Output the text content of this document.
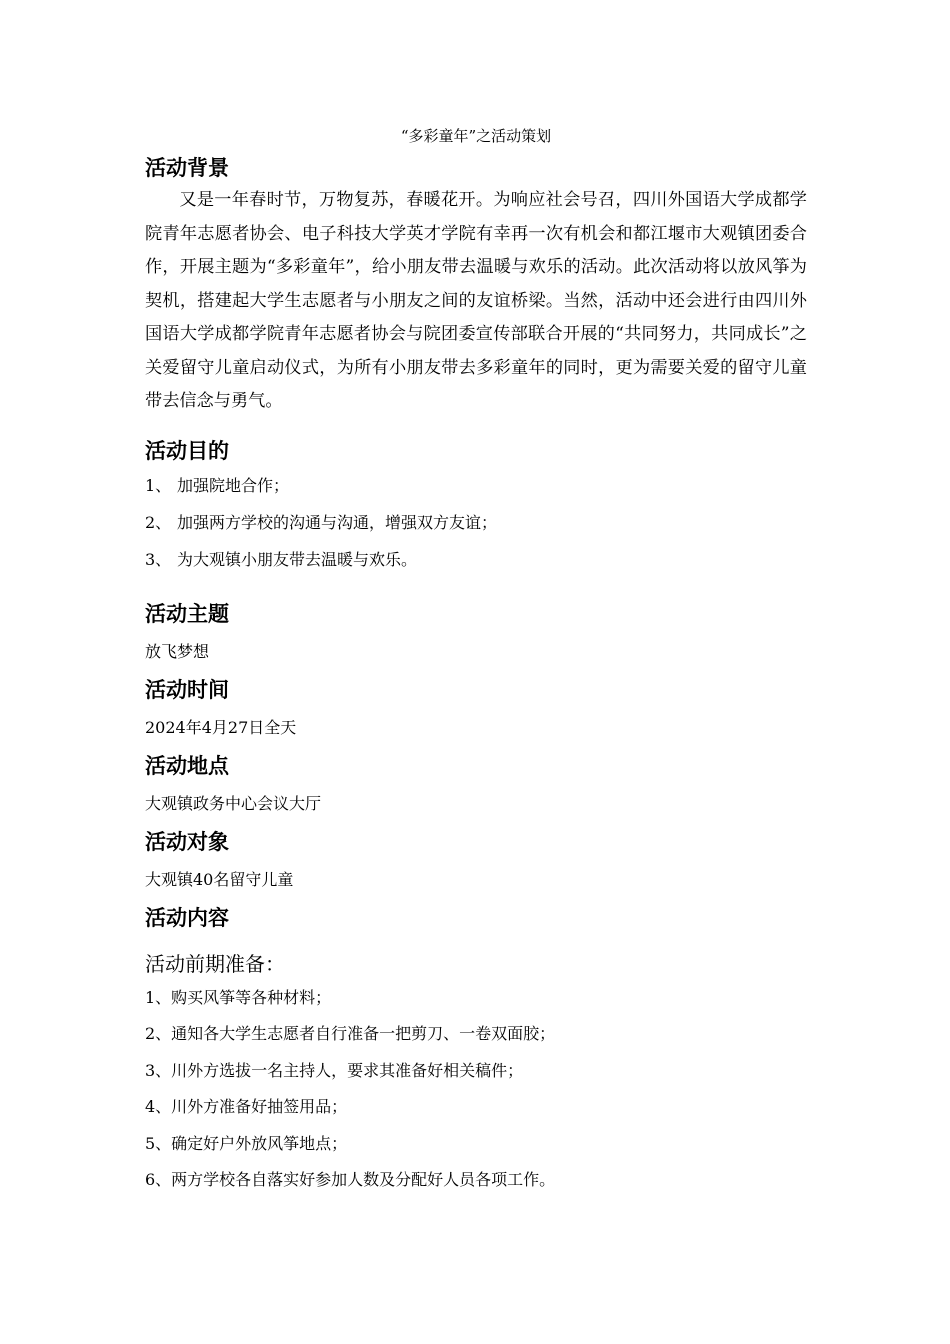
“多彩童年”之活动策划

活动背景

又是一年春时节，万物复苏，春暖花开。为响应社会号召，四川外国语大学成都学院青年志愿者协会、电子科技大学英才学院有幸再一次有机会和都江堰市大观镇团委合作，开展主题为“多彩童年”，给小朋友带去温暖与欢乐的活动。此次活动将以放风筝为契机，搭建起大学生志愿者与小朋友之间的友谊桥梁。当然，活动中还会进行由四川外国语大学成都学院青年志愿者协会与院团委宣传部联合开展的“共同努力，共同成长”之关爱留守儿童启动仪式，为所有小朋友带去多彩童年的同时，更为需要关爱的留守儿童带去信念与勇气。

活动目的
1、 加强院地合作；
2、 加强两方学校的沟通与沟通，增强双方友谊；
3、 为大观镇小朋友带去温暖与欢乐。
活动主题

放飞梦想

活动时间

2024年4月27日全天

活动地点

大观镇政务中心会议大厅

活动对象

大观镇40名留守儿童

活动内容

活动前期准备：

1、购买风筝等各种材料；
2、通知各大学生志愿者自行准备一把剪刀、一卷双面胶；
3、川外方选拔一名主持人，要求其准备好相关稿件；
4、川外方准备好抽签用品；
5、确定好户外放风筝地点；
6、两方学校各自落实好参加人数及分配好人员各项工作。
